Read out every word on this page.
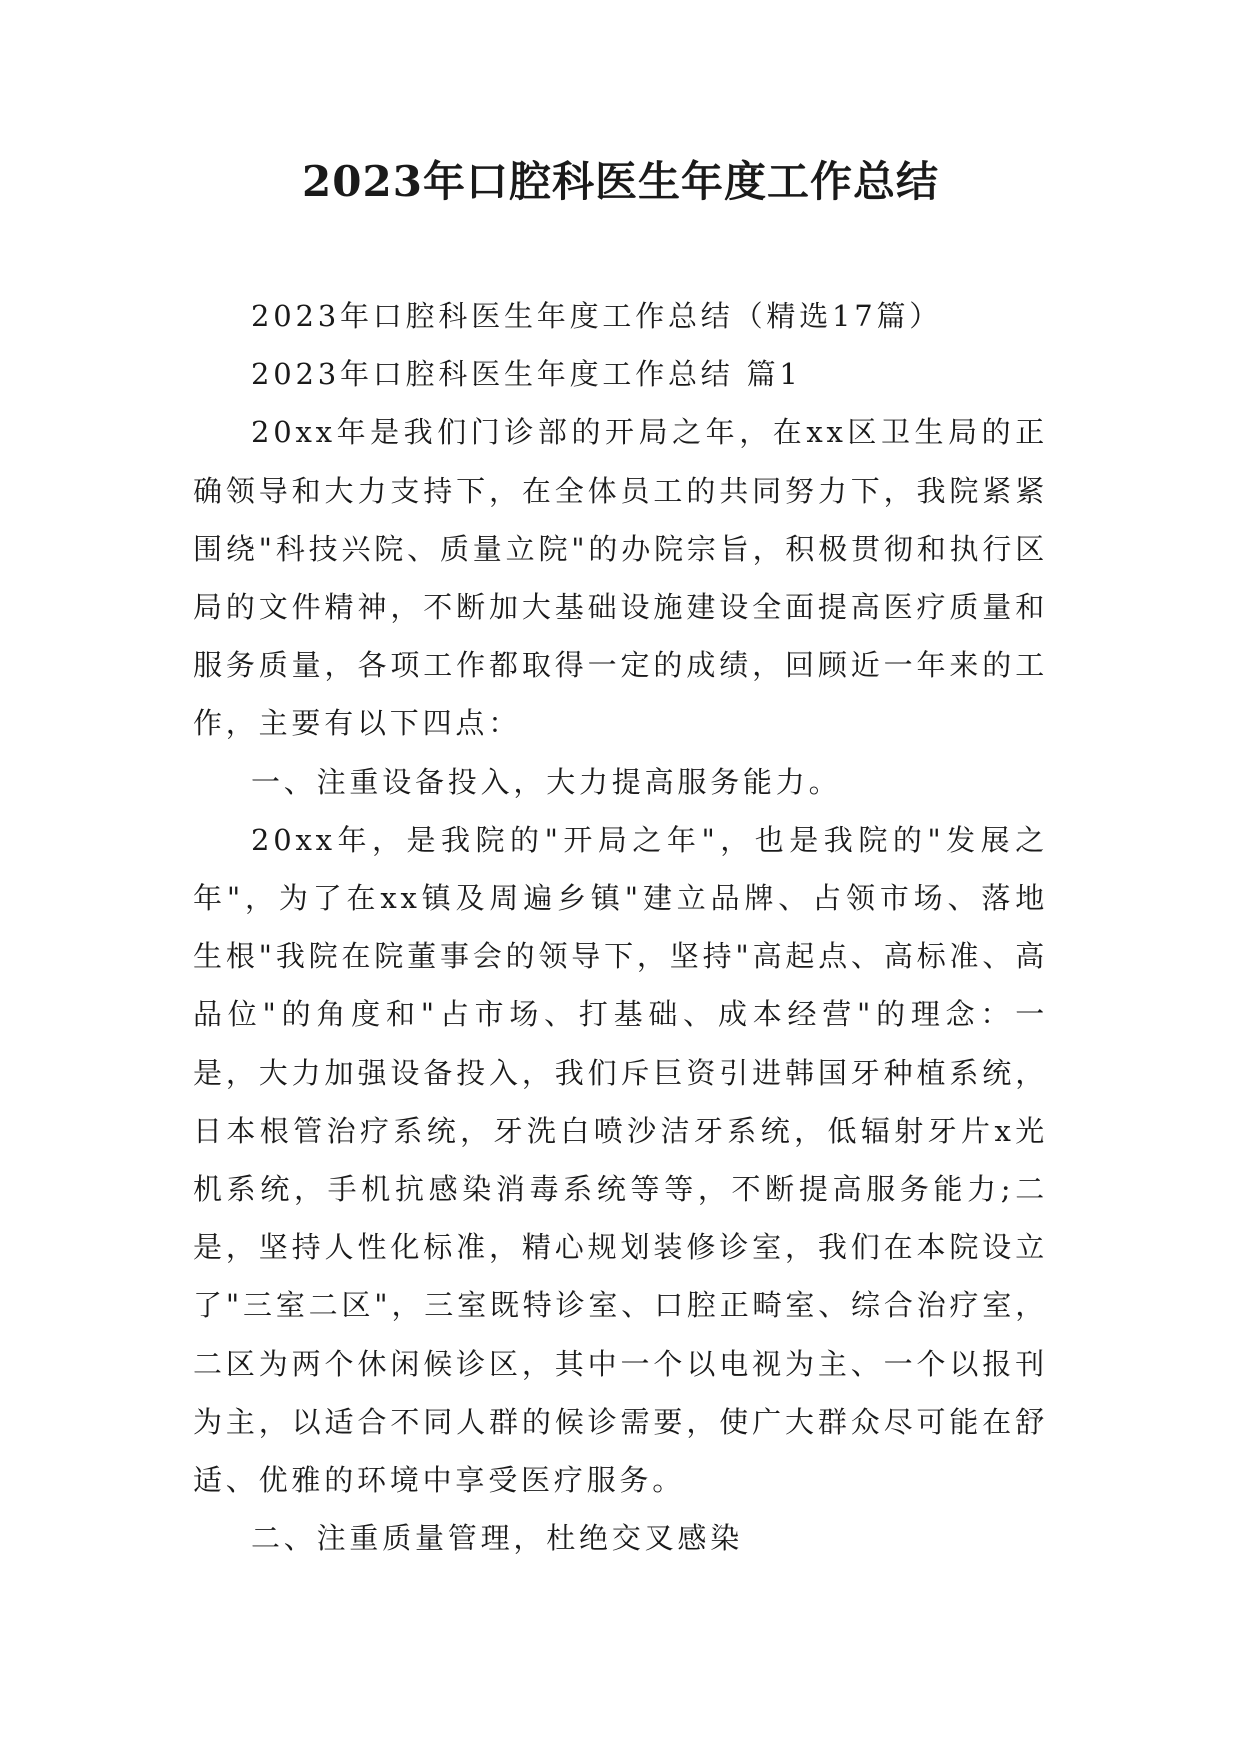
2023年口腔科医生年度工作总结

2023年口腔科医生年度工作总结（精选17篇）

2023年口腔科医生年度工作总结 篇1

20xx年是我们门诊部的开局之年，在xx区卫生局的正确领导和大力支持下，在全体员工的共同努力下，我院紧紧围绕"科技兴院、质量立院"的办院宗旨，积极贯彻和执行区局的文件精神，不断加大基础设施建设全面提高医疗质量和服务质量，各项工作都取得一定的成绩，回顾近一年来的工作，主要有以下四点：

一、注重设备投入，大力提高服务能力。

20xx年，是我院的"开局之年"，也是我院的"发展之年"，为了在xx镇及周遍乡镇"建立品牌、占领市场、落地生根"我院在院董事会的领导下，坚持"高起点、高标准、高品位"的角度和"占市场、打基础、成本经营"的理念：一是，大力加强设备投入，我们斥巨资引进韩国牙种植系统，日本根管治疗系统，牙洗白喷沙洁牙系统，低辐射牙片x光机系统，手机抗感染消毒系统等等，不断提高服务能力;二是，坚持人性化标准，精心规划装修诊室，我们在本院设立了"三室二区"，三室既特诊室、口腔正畸室、综合治疗室，二区为两个休闲候诊区，其中一个以电视为主、一个以报刊为主，以适合不同人群的候诊需要，使广大群众尽可能在舒适、优雅的环境中享受医疗服务。

二、注重质量管理，杜绝交叉感染
